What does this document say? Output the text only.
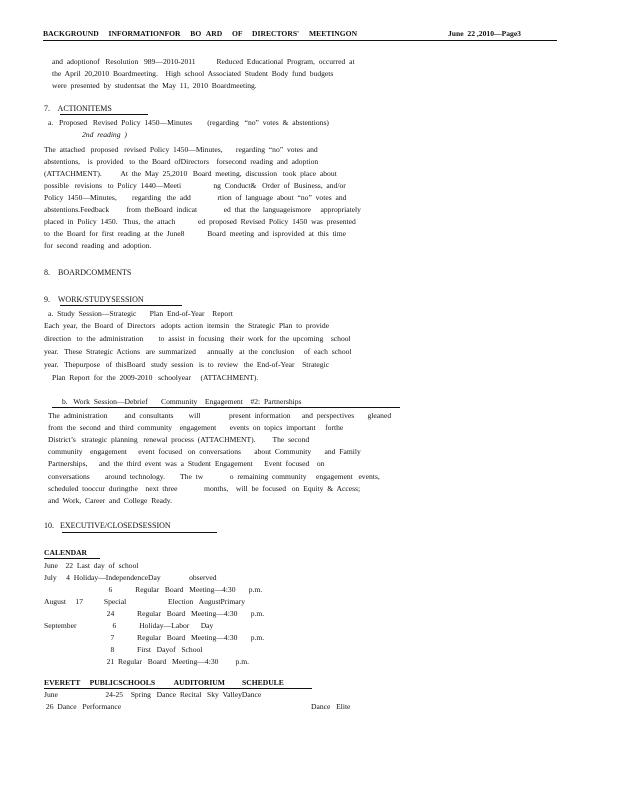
BACKGROUND  INFORMATIONFOR  BO ARD  OF  DIRECTORS'  MEETINGON	June  22 ,2010—Page3
and  adoptionof   Resolution   989—2010-2011           Reduced  Educational  Program,  occurred  at
the  April  20,2010  Boardmeeting.    High  school  Associated  Student  Body  fund  budgets
were  presented  by  studentsat  the  May  11,  2010  Boardmeeting.
7.    ACTIONITEMS
a.   Proposed   Revised  Policy  1450—Minutes        (regarding   “no”  votes  &  abstentions)
2nd  reading  )
The  attached   proposed   revised  Policy  1450—Minutes,       regarding  “no”  votes  and
abstentions,    is  provided   to  the  Board  ofDirectors    forsecond  reading  and  adoption
(ATTACHMENT).          At  the  May  25,2010   Board  meeting,  discussion   took  place  about
possible   revisions   to  Policy  1440—Meeti                 ng  Conduct&   Order  of  Business,  and/or
Policy  1450—Minutes,        regarding   the  add              rtion  of  language  about  “no”  votes  and
abstentions.Feedback         from  theBoard  indicat              ed  that  the  languageismore     appropriately
placed  in  Policy  1450.   Thus,  the  attach            ed  proposed  Revised  Policy  1450  was  presented
to  the  Board  for  first  reading  at  the  June8            Board  meeting  and  isprovided  at  this  time
for  second  reading  and  adoption.
8.    BOARDCOMMENTS
9.    WORK/STUDYSESSION
a.  Study  Session—Strategic       Plan  End-of-Year    Report
Each  year,  the  Board  of  Directors   adopts  action  itemsin   the  Strategic  Plan  to  provide
direction   to  the  administration        to  assist  in  focusing   their  work  for  the  upcoming    school
year.   These  Strategic  Actions   are  summarized      annually   at  the  conclusion     of  each  school
year.   Thepurpose   of  thisBoard   study  session   is  to  review   the  End-of-Year    Strategic
Plan  Report  for  the  2009-2010   schoolyear     (ATTACHMENT).
b.   Work  Session—Debrief       Community    Engagement    #2:  Partnerships
The  administration         and  consultants        will               present  information      and  perspectives       gleaned
from  the  second  and  third  community    engagement       events  on  topics  important     forthe
District’s   strategic  planning   renewal  process  (ATTACHMENT).         The  second
community    engagement      event  focused   on  conversations       about  Community       and  Family
Partnerships,      and  the  third  event  was  a  Student  Engagement      Event  focused    on
conversations        around  technology.        The  tw              o  remaining  community     engagement   events,
scheduled  tooccur  duringthe    next  three              months,    will  be  focused   on  Equity  &  Access;
and  Work,  Career  and  College  Ready.
10.   EXECUTIVE/CLOSEDSESSION
CALENDAR
June    22  Last  day  of  school
July     4  Holiday—IndependenceDay               observed
6            Regular   Board   Meeting—4:30       p.m.
August     17           Special                      Election   AugustPrimary
24            Regular   Board   Meeting—4:30       p.m.
September                   6            Holiday—Labor      Day
7            Regular   Board   Meeting—4:30       p.m.
8            First   Dayof   School
21  Regular   Board   Meeting—4:30         p.m.
EVERETT     PUBLICSCHOOLS          AUDITORIUM         SCHEDULE
June                         24-25    Spring   Dance  Recital   Sky  ValleyDance
26  Dance   Performance	Dance   Elite
